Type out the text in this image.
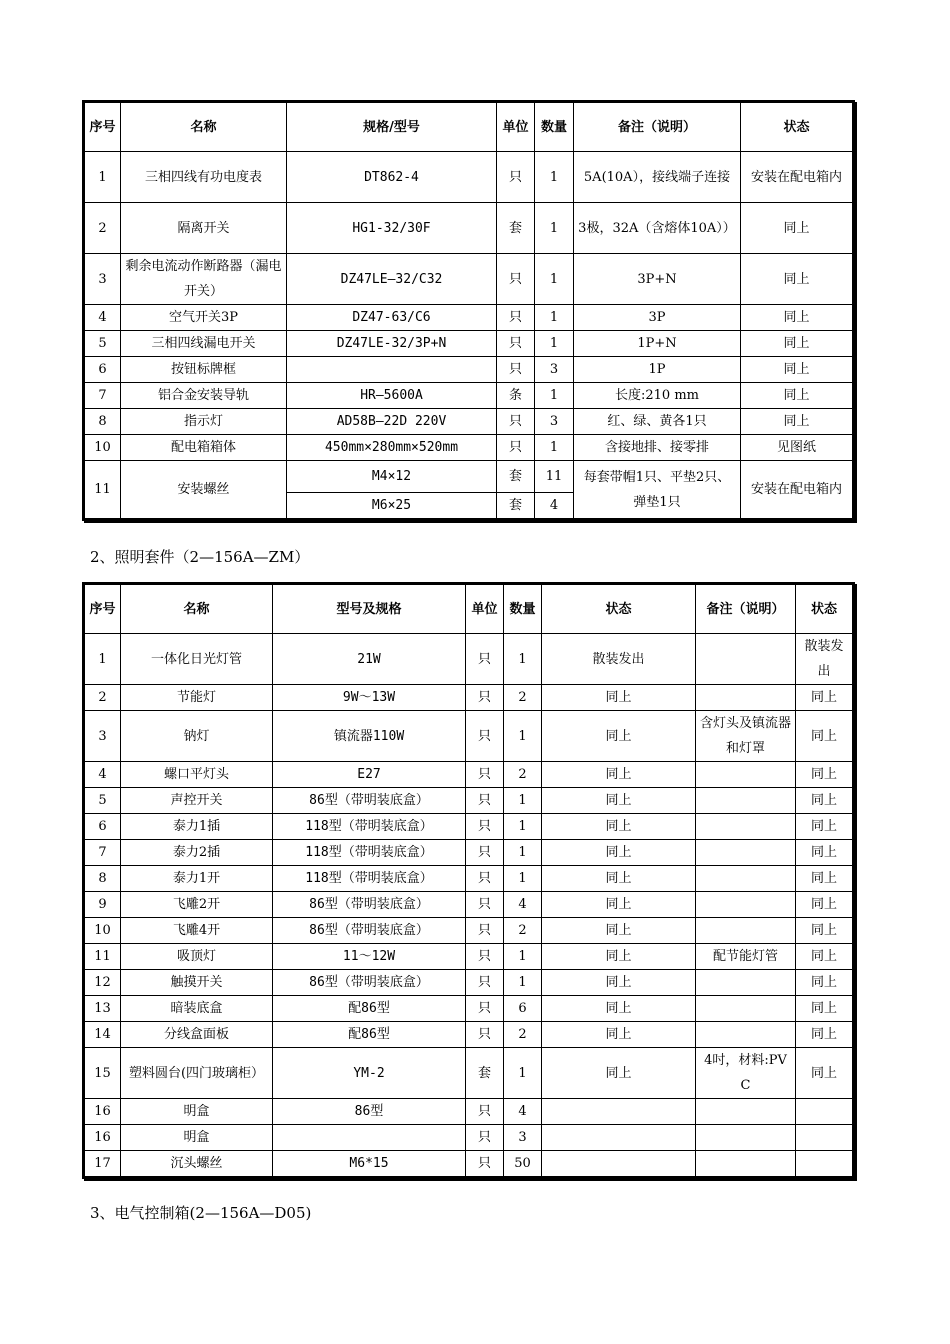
序号	名称	规格/型号	单位	数量	备注（说明）	状态
1	三相四线有功电度表	DT862-4	只	1	5A(10A），接线端子连接	安装在配电箱内
2	隔离开关	HG1-32/30F	套	1	3极，32A（含熔体10A））	同上
3	剩余电流动作断路器（漏电开关）	DZ47LE—32/C32	只	1	3P+N	同上
4	空气开关3P	DZ47-63/C6	只	1	3P	同上
5	三相四线漏电开关	DZ47LE-32/3P+N	只	1	1P+N	同上
6	按钮标牌框		只	3	1P	同上
7	铝合金安装导轨	HR—5600A	条	1	长度:210 mm	同上
8	指示灯	AD58B—22D 220V	只	3	红、绿、黄各1只	同上
10	配电箱箱体	450mm×280mm×520mm	只	1	含接地排、接零排	见图纸
11	安装螺丝	M4×12	套	11	每套带帽1只、平垫2只、弹垫1只	安装在配电箱内
		M6×25	套	4		
2、照明套件（2—156A—ZM）
序号	名称	型号及规格	单位	数量	状态	备注（说明）	状态
1	一体化日光灯管	21W	只	1	散装发出		散装发出
2	节能灯	9W～13W	只	2	同上		同上
3	钠灯	镇流器110W	只	1	同上	含灯头及镇流器和灯罩	同上
4	螺口平灯头	E27	只	2	同上		同上
5	声控开关	86型（带明装底盒）	只	1	同上		同上
6	泰力1插	118型（带明装底盒）	只	1	同上		同上
7	泰力2插	118型（带明装底盒）	只	1	同上		同上
8	泰力1开	118型（带明装底盒）	只	1	同上		同上
9	飞雕2开	86型（带明装底盒）	只	4	同上		同上
10	飞雕4开	86型（带明装底盒）	只	2	同上		同上
11	吸顶灯	11～12W	只	1	同上	配节能灯管	同上
12	触摸开关	86型（带明装底盒）	只	1	同上		同上
13	暗装底盒	配86型	只	6	同上		同上
14	分线盒面板	配86型	只	2	同上		同上
15	塑料圆台(四门玻璃柜）	YM-2	套	1	同上	4吋，材料:PVC	同上
16	明盒	86型	只	4			
16	明盒		只	3			
17	沉头螺丝	M6*15	只	50			
3、电气控制箱(2—156A—D05)
